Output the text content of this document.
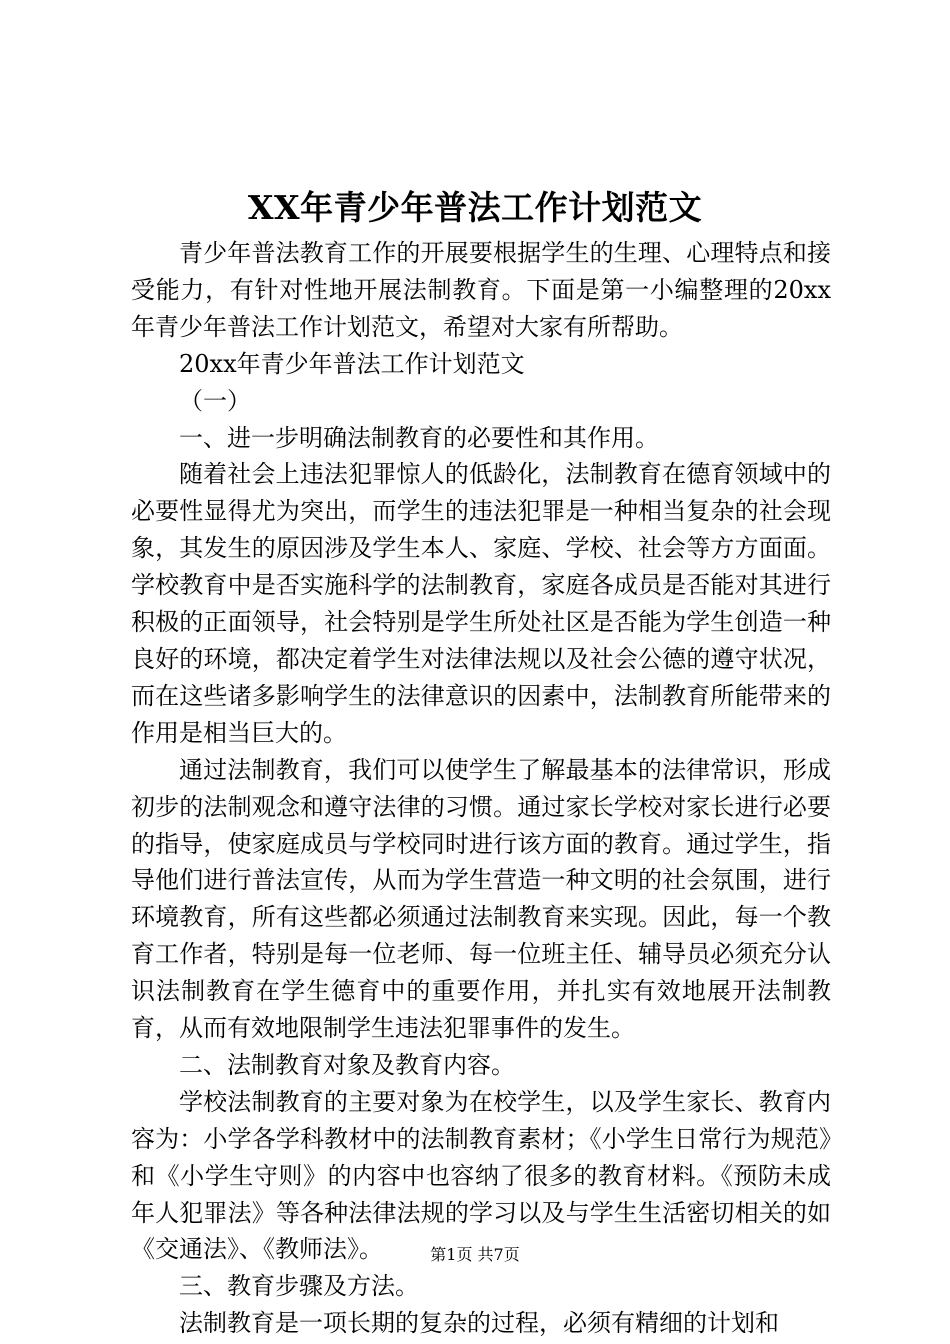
XX年青少年普法工作计划范文

青少年普法教育工作的开展要根据学生的生理、心理特点和接受能力，有针对性地开展法制教育。下面是第一小编整理的20xx年青少年普法工作计划范文，希望对大家有所帮助。

20xx年青少年普法工作计划范文

（一）

一、进一步明确法制教育的必要性和其作用。

随着社会上违法犯罪惊人的低龄化，法制教育在德育领域中的必要性显得尤为突出，而学生的违法犯罪是一种相当复杂的社会现象，其发生的原因涉及学生本人、家庭、学校、社会等方方面面。学校教育中是否实施科学的法制教育，家庭各成员是否能对其进行积极的正面领导，社会特别是学生所处社区是否能为学生创造一种良好的环境，都决定着学生对法律法规以及社会公德的遵守状况，而在这些诸多影响学生的法律意识的因素中，法制教育所能带来的作用是相当巨大的。

通过法制教育，我们可以使学生了解最基本的法律常识，形成初步的法制观念和遵守法律的习惯。通过家长学校对家长进行必要的指导，使家庭成员与学校同时进行该方面的教育。通过学生，指导他们进行普法宣传，从而为学生营造一种文明的社会氛围，进行环境教育，所有这些都必须通过法制教育来实现。因此，每一个教育工作者，特别是每一位老师、每一位班主任、辅导员必须充分认识法制教育在学生德育中的重要作用，并扎实有效地展开法制教育，从而有效地限制学生违法犯罪事件的发生。

二、法制教育对象及教育内容。

学校法制教育的主要对象为在校学生，以及学生家长、教育内容为：小学各学科教材中的法制教育素材；《小学生日常行为规范》和《小学生守则》的内容中也容纳了很多的教育材料。《预防未成年人犯罪法》等各种法律法规的学习以及与学生生活密切相关的如《交通法》、《教师法》。

三、教育步骤及方法。

法制教育是一项长期的复杂的过程，必须有精细的计划和

第1页 共7页
